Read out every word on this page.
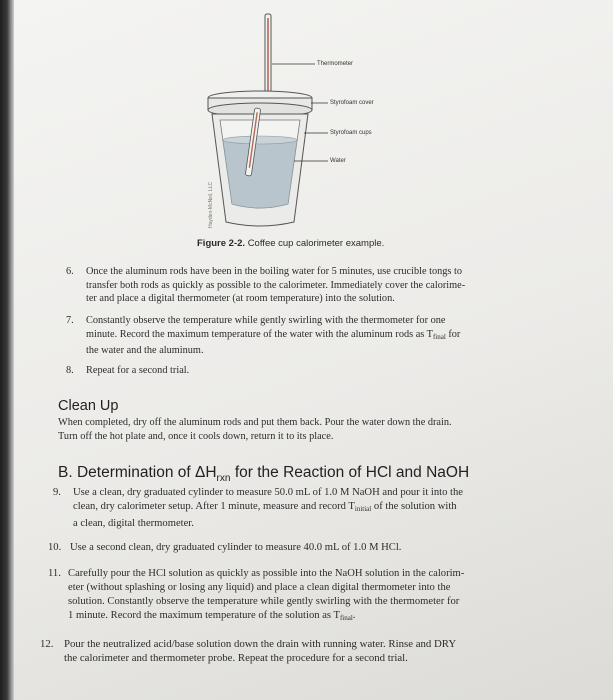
Thermometer
Styrofoam cover
Styrofoam cups
Water
Hayden-McNeil, LLC
Figure 2-2. Coffee cup calorimeter example.
6. Once the aluminum rods have been in the boiling water for 5 minutes, use crucible tongs to

transfer both rods as quickly as possible to the calorimeter. Immediately cover the calorime-

ter and place a digital thermometer (at room temperature) into the solution.

7. Constantly observe the temperature while gently swirling with the thermometer for one

minute. Record the maximum temperature of the water with the aluminum rods as $T_{final}$ for

the water and the aluminum.

8. Repeat for a second trial.

Clean Up

When completed, dry off the aluminum rods and put them back. Pour the water down the drain.

Turn off the hot plate and, once it cools down, return it to its place.

B. Determination of $\Delta H_{rxn}$ for the Reaction of HCl and NaOH
9. Use a clean, dry graduated cylinder to measure 50.0 mL of 1.0 M NaOH and pour it into the

clean, dry calorimeter setup. After 1 minute, measure and record $T_{initial}$ of the solution with

a clean, digital thermometer.

10. Use a second clean, dry graduated cylinder to measure 40.0 mL of 1.0 M HCl.

11. Carefully pour the HCl solution as quickly as possible into the NaOH solution in the calorim-

eter (without splashing or losing any liquid) and place a clean digital thermometer into the

solution. Constantly observe the temperature while gently swirling with the thermometer for

1 minute. Record the maximum temperature of the solution as $T_{final}$.

12. Pour the neutralized acid/base solution down the drain with running water. Rinse and DRY

the calorimeter and thermometer probe. Repeat the procedure for a second trial.
